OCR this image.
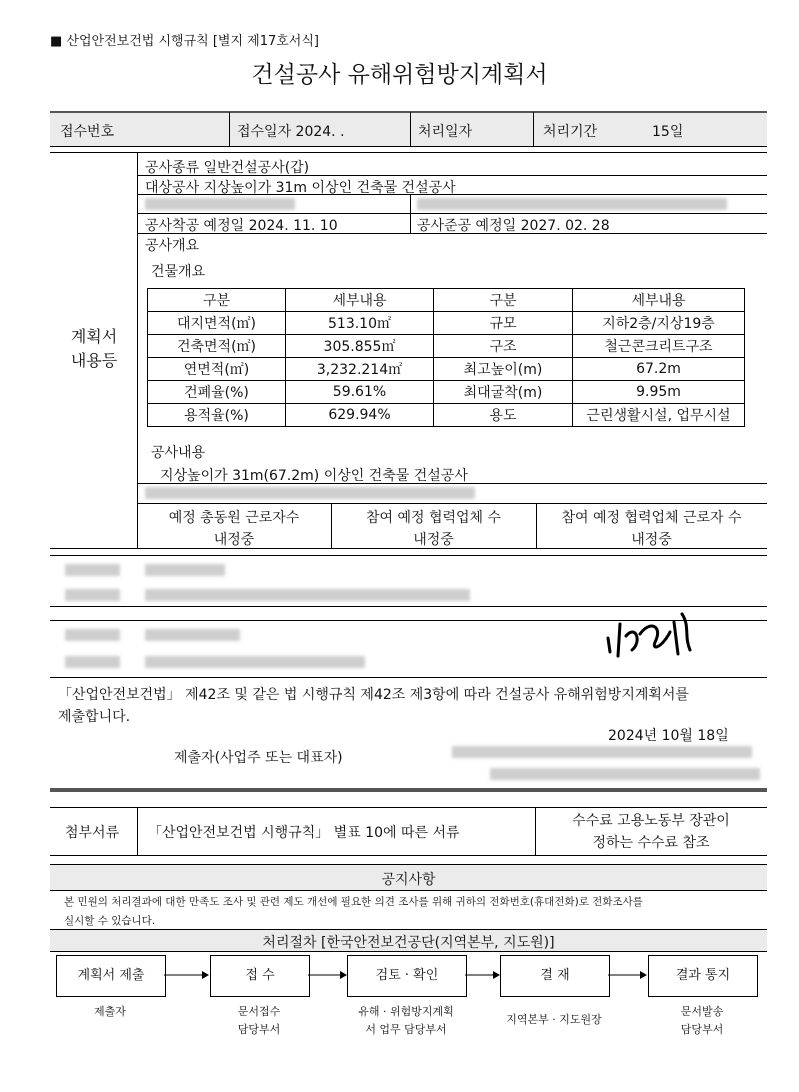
■ 산업안전보건법 시행규칙 [별지 제17호서식]
건설공사 유해위험방지계획서
접수번호	접수일자 2024. .	처리일자	처리기간	15일
계획서
내용등
공사종류 일반건설공사(갑)
대상공사 지상높이가 31m 이상인 건축물 건설공사
공사착공 예정일 2024. 11. 10	공사준공 예정일 2027. 02. 28
공사개요
건물개요
구분	세부내용	구분	세부내용
대지면적(㎡)	513.10㎡	규모	지하2층/지상19층
건축면적(㎡)	305.855㎡	구조	철근콘크리트구조
연면적(㎡)	3,232.214㎡	최고높이(m)	67.2m
건폐율(%)	59.61%	최대굴착(m)	9.95m
용적율(%)	629.94%	용도	근린생활시설, 업무시설
공사내용
지상높이가 31m(67.2m) 이상인 건축물 건설공사
예정 총동원 근로자수
내정중
참여 예정 협력업체 수
내정중
참여 예정 협력업체 근로자 수
내정중
「산업안전보건법」 제42조 및 같은 법 시행규칙 제42조 제3항에 따라 건설공사 유해위험방지계획서를
제출합니다.
2024년 10월 18일
제출자(사업주 또는 대표자)
첨부서류 「산업안전보건법 시행규칙」 별표 10에 따른 서류
수수료 고용노동부 장관이
정하는 수수료 참조
공지사항
본 민원의 처리결과에 대한 만족도 조사 및 관련 제도 개선에 필요한 의견 조사를 위해 귀하의 전화번호(휴대전화)로 전화조사를
실시할 수 있습니다.
처리절차 [한국안전보건공단(지역본부, 지도원)]
계획서 제출	접 수	검토 · 확인	결 재	결과 통지
제출자	문서접수
담당부서
유해 · 위험방지계획
서 업무 담당부서
지역본부 · 지도원장
문서발송
담당부서
